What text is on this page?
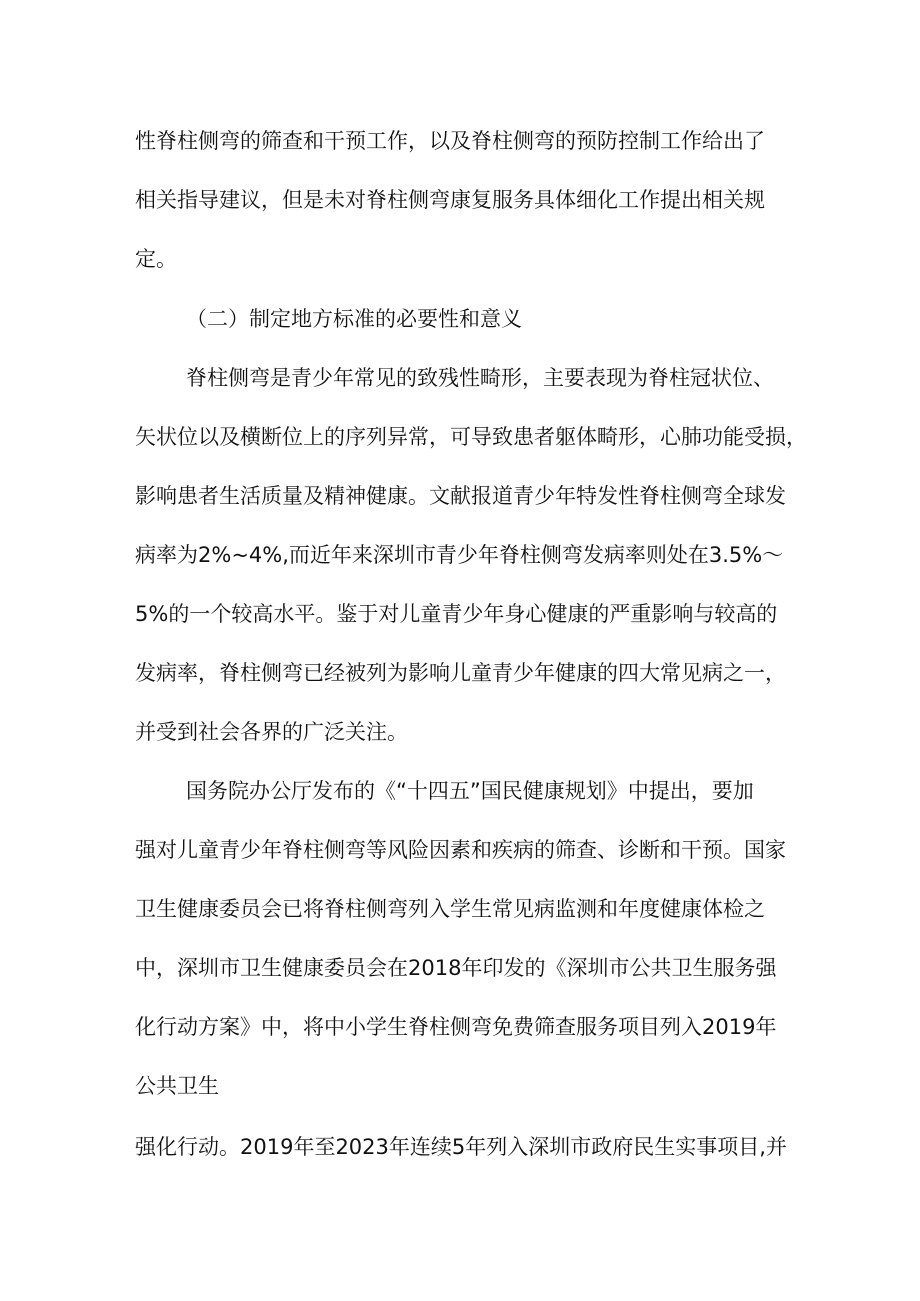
性脊柱侧弯的筛查和干预工作，以及脊柱侧弯的预防控制工作给出了
相关指导建议，但是未对脊柱侧弯康复服务具体细化工作提出相关规
定。
（二）制定地方标准的必要性和意义
脊柱侧弯是青少年常见的致残性畸形，主要表现为脊柱冠状位、
矢状位以及横断位上的序列异常，可导致患者躯体畸形，心肺功能受损，
影响患者生活质量及精神健康。文献报道青少年特发性脊柱侧弯全球发
病率为2%~4%,而近年来深圳市青少年脊柱侧弯发病率则处在3.5%～
5%的一个较高水平。鉴于对儿童青少年身心健康的严重影响与较高的
发病率，脊柱侧弯已经被列为影响儿童青少年健康的四大常见病之一，
并受到社会各界的广泛关注。
国务院办公厅发布的《“十四五”国民健康规划》中提出，要加
强对儿童青少年脊柱侧弯等风险因素和疾病的筛查、诊断和干预。国家
卫生健康委员会已将脊柱侧弯列入学生常见病监测和年度健康体检之
中，深圳市卫生健康委员会在2018年印发的《深圳市公共卫生服务强
化行动方案》中，将中小学生脊柱侧弯免费筛查服务项目列入2019年
公共卫生
强化行动。2019年至2023年连续5年列入深圳市政府民生实事项目,并
